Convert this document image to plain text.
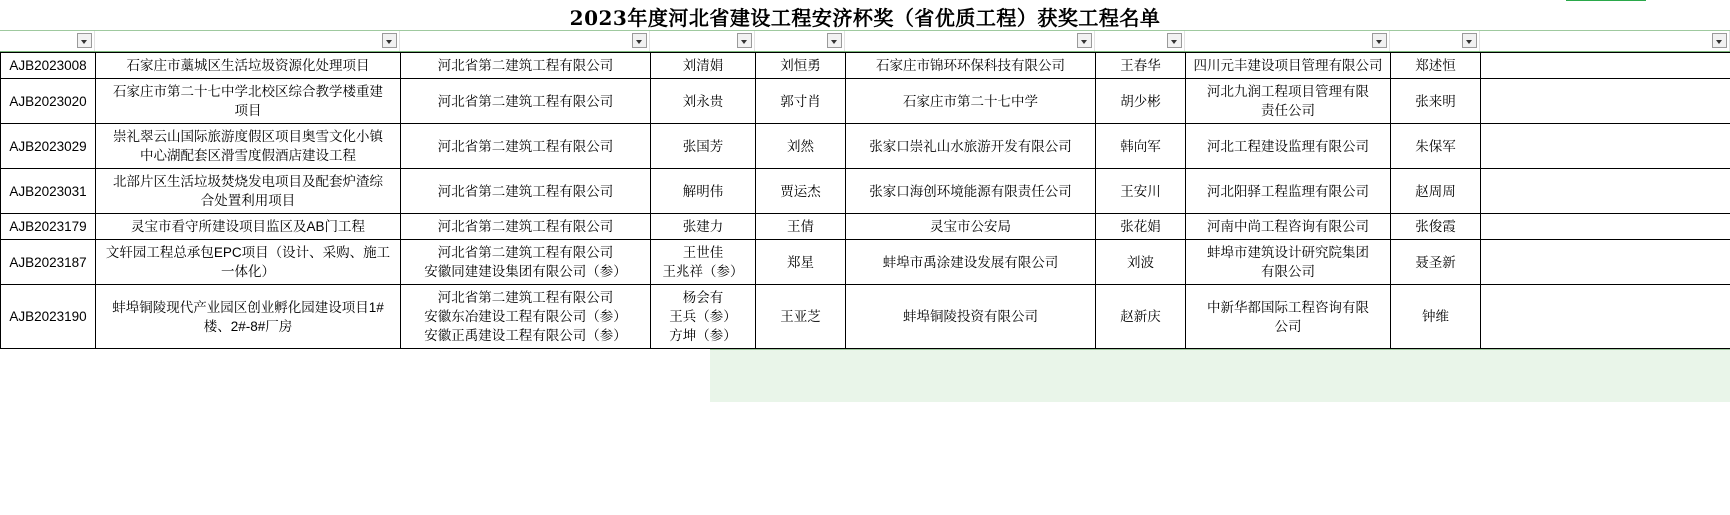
2023年度河北省建设工程安济杯奖（省优质工程）获奖工程名单
AJB2023008	石家庄市藁城区生活垃圾资源化处理项目	河北省第二建筑工程有限公司	刘清娟	刘恒勇	石家庄市锦环环保科技有限公司	王春华	四川元丰建设项目管理有限公司	郑述恒	

AJB2023020	石家庄市第二十七中学北校区综合教学楼重建
项目	河北省第二建筑工程有限公司	刘永贵	郭寸肖	石家庄市第二十七中学	胡少彬	河北九润工程项目管理有限
责任公司	张来明	

AJB2023029	崇礼翠云山国际旅游度假区项目奥雪文化小镇
中心湖配套区滑雪度假酒店建设工程	河北省第二建筑工程有限公司	张国芳	刘然	张家口崇礼山水旅游开发有限公司	韩向军	河北工程建设监理有限公司	朱保军	

AJB2023031	北部片区生活垃圾焚烧发电项目及配套炉渣综
合处置利用项目	河北省第二建筑工程有限公司	解明伟	贾运杰	张家口海创环境能源有限责任公司	王安川	河北阳驿工程监理有限公司	赵周周	

AJB2023179	灵宝市看守所建设项目监区及AB门工程	河北省第二建筑工程有限公司	张建力	王倩	灵宝市公安局	张花娟	河南中尚工程咨询有限公司	张俊霞	

AJB2023187	文轩园工程总承包EPC项目（设计、采购、施工
一体化）	河北省第二建筑工程有限公司
安徽同建建设集团有限公司（参）	王世佳
王兆祥（参）	郑星	蚌埠市禹涂建设发展有限公司	刘波	蚌埠市建筑设计研究院集团
有限公司	聂圣新	

AJB2023190	蚌埠铜陵现代产业园区创业孵化园建设项目1#
楼、2#-8#厂房	河北省第二建筑工程有限公司
安徽东冶建设工程有限公司（参）
安徽正禹建设工程有限公司（参）	杨会有
王兵（参）
方坤（参）	王亚芝	蚌埠铜陵投资有限公司	赵新庆	中新华都国际工程咨询有限
公司	钟维	
